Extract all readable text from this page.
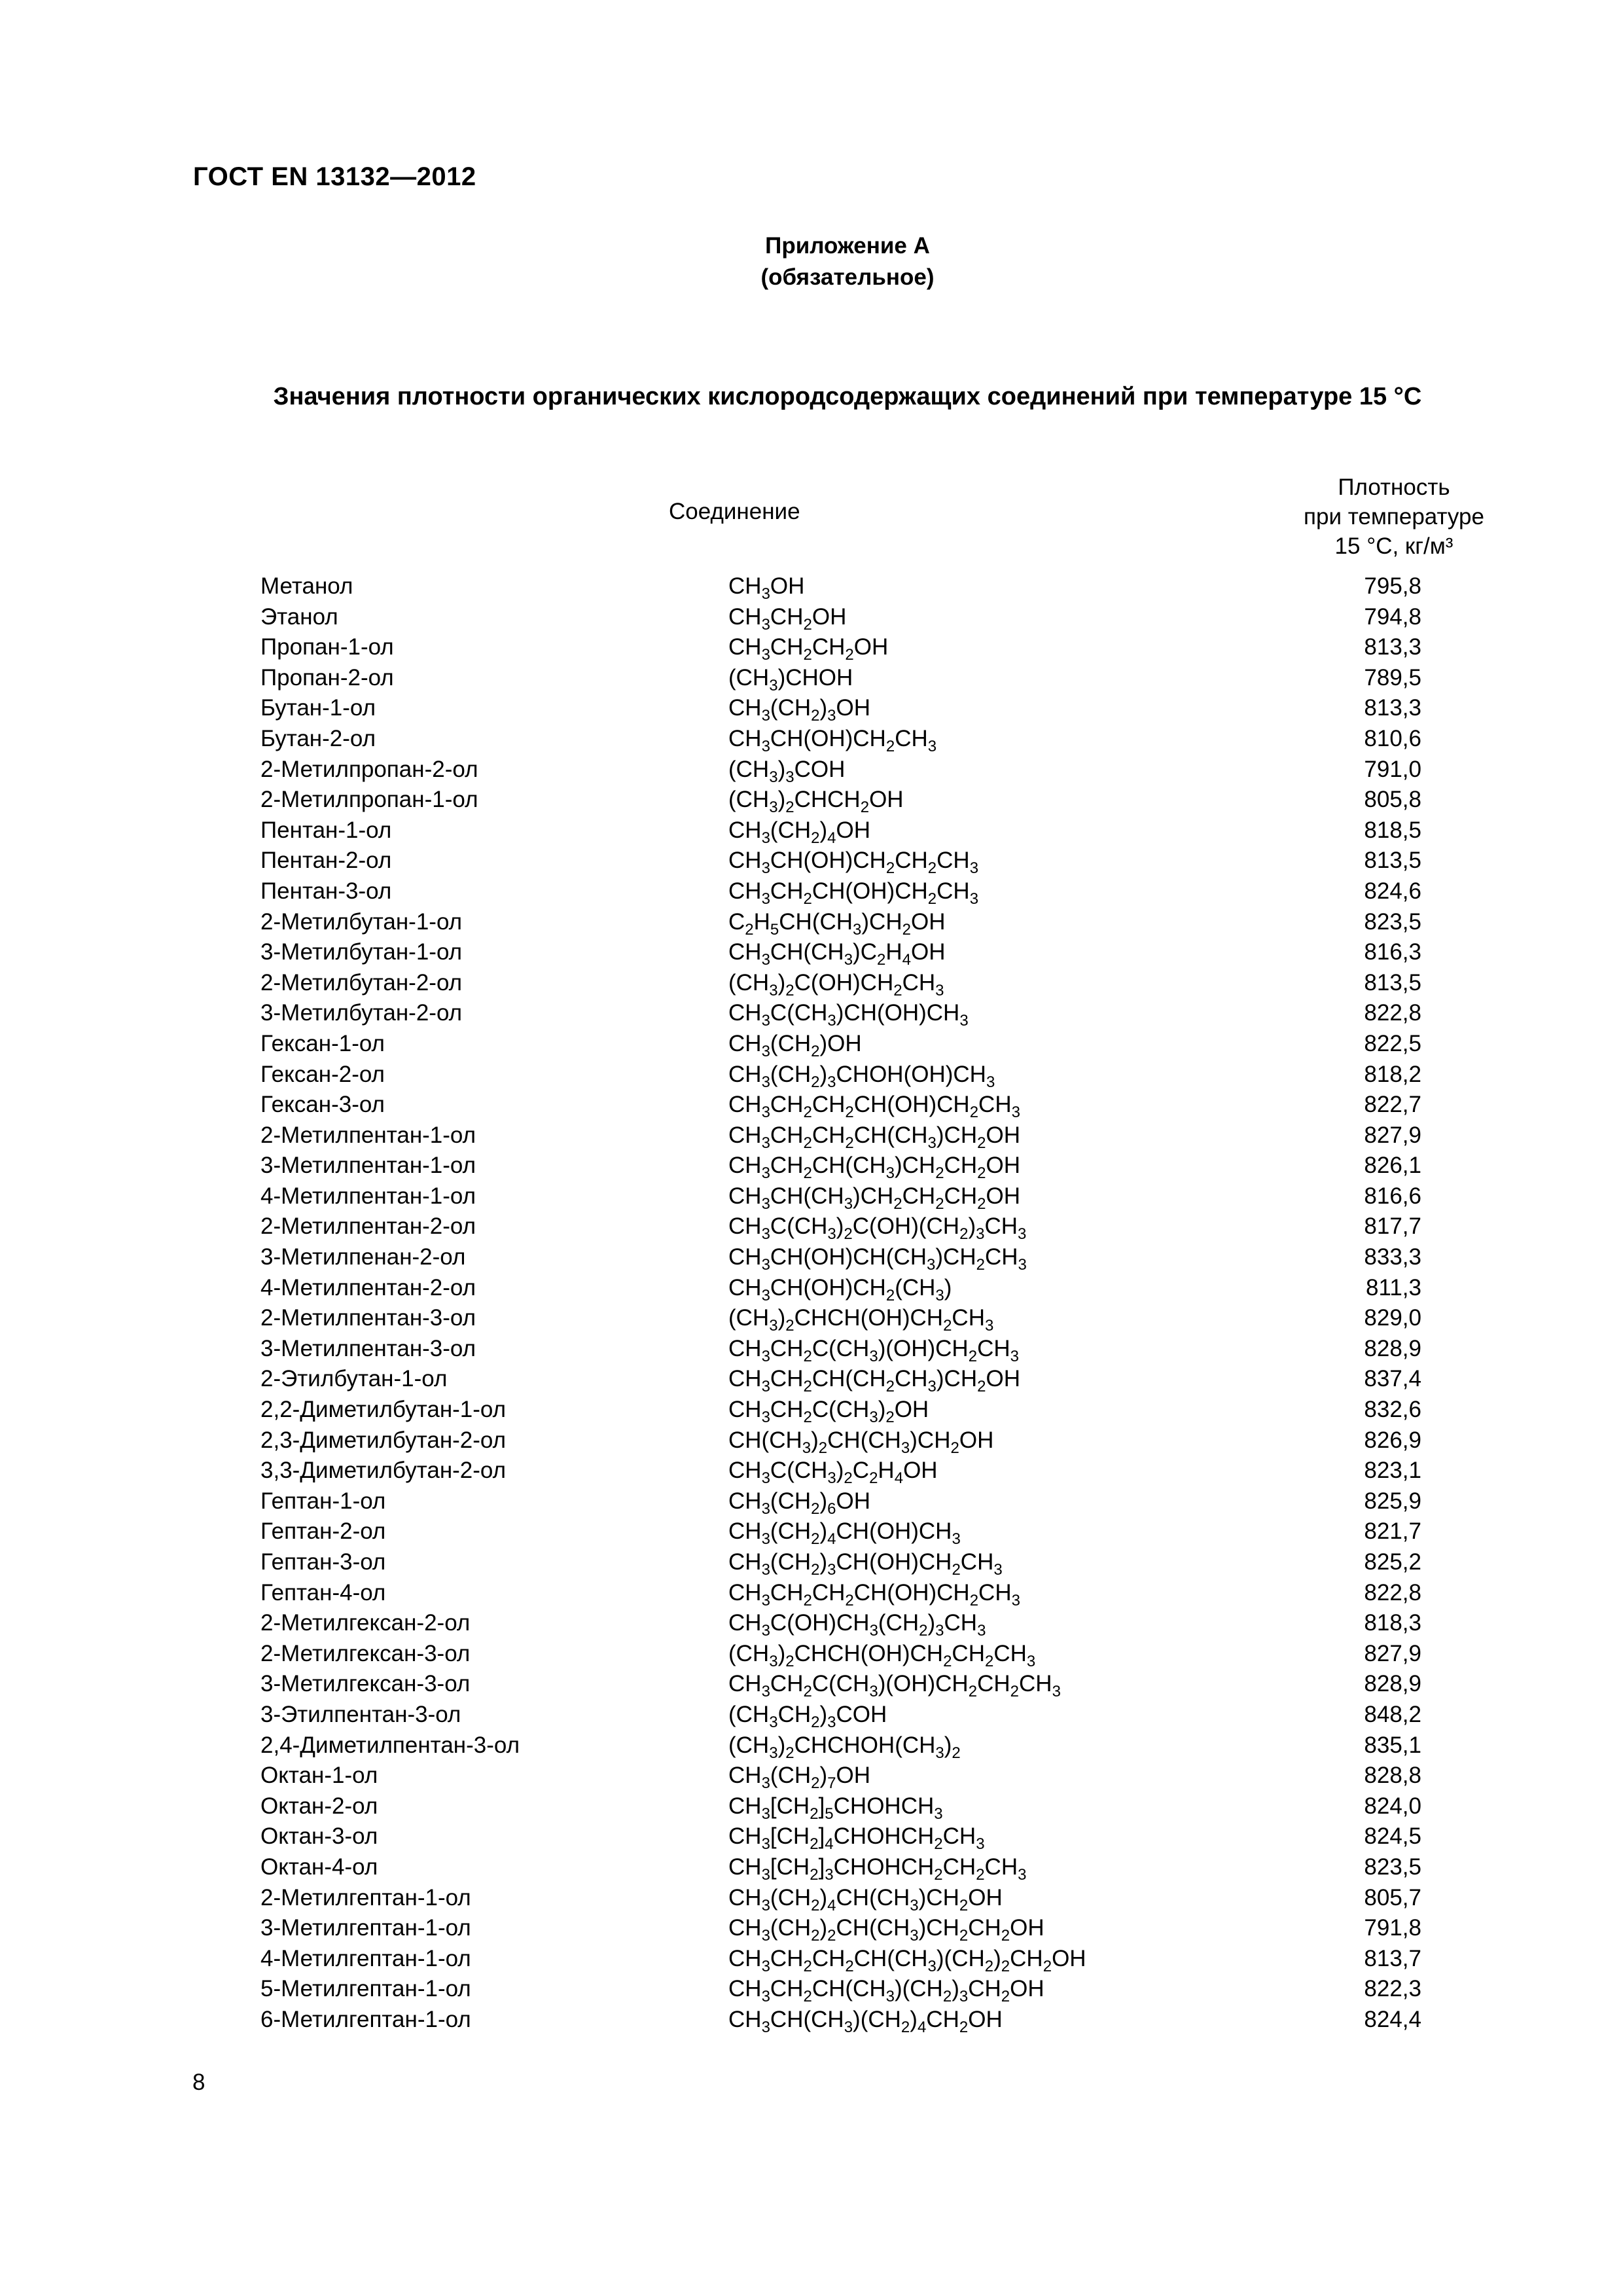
ГОСТ EN 13132—2012
Приложение А
(обязательное)
Значения плотности органических кислородсодержащих соединений при температуре 15 °С
Соединение
Плотность
при температуре
15 °С, кг/м³
Метанол	$CH_3OH$	795,8
Этанол	$CH_3CH_2OH$	794,8
Пропан-1-ол	$CH_3CH_2CH_2OH$	813,3
Пропан-2-ол	$(CH_3)CHOH$	789,5
Бутан-1-ол	$CH_3(CH_2)_3OH$	813,3
Бутан-2-ол	$CH_3CH(OH)CH_2CH_3$	810,6
2-Метилпропан-2-ол	$(CH_3)_3COH$	791,0
2-Метилпропан-1-ол	$(CH_3)_2CHCH_2OH$	805,8
Пентан-1-ол	$CH_3(CH_2)_4OH$	818,5
Пентан-2-ол	$CH_3CH(OH)CH_2CH_2CH_3$	813,5
Пентан-3-ол	$CH_3CH_2CH(OH)CH_2CH_3$	824,6
2-Метилбутан-1-ол	$C_2H_5CH(CH_3)CH_2OH$	823,5
3-Метилбутан-1-ол	$CH_3CH(CH_3)C_2H_4OH$	816,3
2-Метилбутан-2-ол	$(CH_3)_2C(OH)CH_2CH_3$	813,5
3-Метилбутан-2-ол	$CH_3C(CH_3)CH(OH)CH_3$	822,8
Гексан-1-ол	$CH_3(CH_2)OH$	822,5
Гексан-2-ол	$CH_3(CH_2)_3CHOH(OH)CH_3$	818,2
Гексан-3-ол	$CH_3CH_2CH_2CH(OH)CH_2CH_3$	822,7
2-Метилпентан-1-ол	$CH_3CH_2CH_2CH(CH_3)CH_2OH$	827,9
3-Метилпентан-1-ол	$CH_3CH_2CH(CH_3)CH_2CH_2OH$	826,1
4-Метилпентан-1-ол	$CH_3CH(CH_3)CH_2CH_2CH_2OH$	816,6
2-Метилпентан-2-ол	$CH_3C(CH_3)_2C(OH)(CH_2)_3CH_3$	817,7
3-Метилпенан-2-ол	$CH_3CH(OH)CH(CH_3)CH_2CH_3$	833,3
4-Метилпентан-2-ол	$CH_3CH(OH)CH_2(CH_3)$	811,3
2-Метилпентан-3-ол	$(CH_3)_2CHCH(OH)CH_2CH_3$	829,0
3-Метилпентан-3-ол	$CH_3CH_2C(CH_3)(OH)CH_2CH_3$	828,9
2-Этилбутан-1-ол	$CH_3CH_2CH(CH_2CH_3)CH_2OH$	837,4
2,2-Диметилбутан-1-ол	$CH_3CH_2C(CH_3)_2OH$	832,6
2,3-Диметилбутан-2-ол	$CH(CH_3)_2CH(CH_3)CH_2OH$	826,9
3,3-Диметилбутан-2-ол	$CH_3C(CH_3)_2C_2H_4OH$	823,1
Гептан-1-ол	$CH_3(CH_2)_6OH$	825,9
Гептан-2-ол	$CH_3(CH_2)_4CH(OH)CH_3$	821,7
Гептан-3-ол	$CH_3(CH_2)_3CH(OH)CH_2CH_3$	825,2
Гептан-4-ол	$CH_3CH_2CH_2CH(OH)CH_2CH_3$	822,8
2-Метилгексан-2-ол	$CH_3C(OH)CH_3(CH_2)_3CH_3$	818,3
2-Метилгексан-3-ол	$(CH_3)_2CHCH(OH)CH_2CH_2CH_3$	827,9
3-Метилгексан-3-ол	$CH_3CH_2C(CH_3)(OH)CH_2CH_2CH_3$	828,9
3-Этилпентан-3-ол	$(CH_3CH_2)_3COH$	848,2
2,4-Диметилпентан-3-ол	$(CH_3)_2CHCHOH(CH_3)_2$	835,1
Октан-1-ол	$CH_3(CH_2)_7OH$	828,8
Октан-2-ол	$CH_3[CH_2]_5CHOHCH_3$	824,0
Октан-3-ол	$CH_3[CH_2]_4CHOHCH_2CH_3$	824,5
Октан-4-ол	$CH_3[CH_2]_3CHOHCH_2CH_2CH_3$	823,5
2-Метилгептан-1-ол	$CH_3(CH_2)_4CH(CH_3)CH_2OH$	805,7
3-Метилгептан-1-ол	$CH_3(CH_2)_2CH(CH_3)CH_2CH_2OH$	791,8
4-Метилгептан-1-ол	$CH_3CH_2CH_2CH(CH_3)(CH_2)_2CH_2OH$	813,7
5-Метилгептан-1-ол	$CH_3CH_2CH(CH_3)(CH_2)_3CH_2OH$	822,3
6-Метилгептан-1-ол	$CH_3CH(CH_3)(CH_2)_4CH_2OH$	824,4
8
